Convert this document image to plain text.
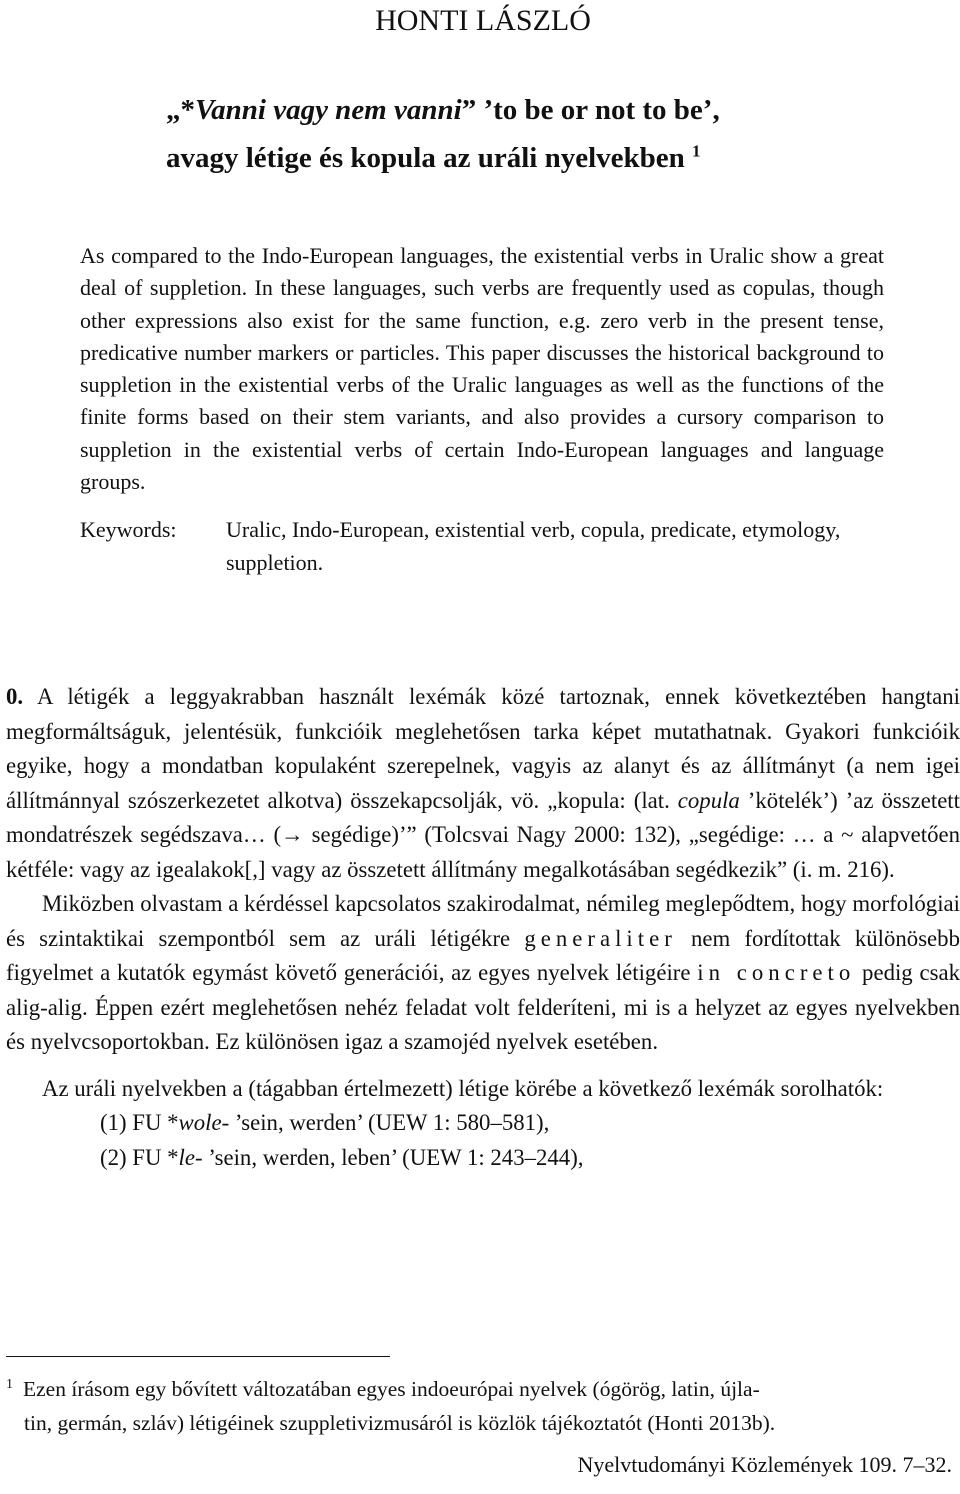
HONTI LÁSZLÓ
„*Vanni vagy nem vanni” ’to be or not to be’,
avagy létige és kopula az uráli nyelvekben $^1$
As compared to the Indo-European languages, the existential verbs in Uralic show a great deal of suppletion. In these languages, such verbs are frequently used as copulas, though other expressions also exist for the same function, e.g. zero verb in the present tense, predicative number markers or particles. This paper discusses the historical background to suppletion in the existential verbs of the Uralic languages as well as the functions of the finite forms based on their stem variants, and also provides a cursory comparison to suppletion in the existential verbs of certain Indo-European languages and language groups.
Keywords:	Uralic, Indo-European, existential verb, copula, predicate, etymology, suppletion.

0. A létigék a leggyakrabban használt lexémák közé tartoznak, ennek következtében hangtani megformáltságuk, jelentésük, funkcióik meglehetősen tarka képet mutathatnak. Gyakori funkcióik egyike, hogy a mondatban kopulaként szerepelnek, vagyis az alanyt és az állítmányt (a nem igei állítmánnyal szószerkezetet alkotva) összekapcsolják, vö. „kopula: (lat. copula ’kötelék’) ’az összetett mondatrészek segédszava… (→ segédige)’” (Tolcsvai Nagy 2000: 132), „segédige: … a ~ alapvetően kétféle: vagy az igealakok[,] vagy az összetett állítmány megalkotásában segédkezik” (i. m. 216).

Miközben olvastam a kérdéssel kapcsolatos szakirodalmat, némileg meglepődtem, hogy morfológiai és szintaktikai szempontból sem az uráli létigékre generaliter nem fordítottak különösebb figyelmet a kutatók egymást követő generációi, az egyes nyelvek létigéire in concreto pedig csak alig-alig. Éppen ezért meglehetősen nehéz feladat volt felderíteni, mi is a helyzet az egyes nyelvekben és nyelvcsoportokban. Ez különösen igaz a szamojéd nyelvek esetében.

Az uráli nyelvekben a (tágabban értelmezett) létige körébe a következő lexémák sorolhatók:

(1) FU *wole- ’sein, werden’ (UEW 1: 580–581),

(2) FU *le- ’sein, werden, leben’ (UEW 1: 243–244),

$^1$ Ezen írásom egy bővített változatában egyes indoeurópai nyelvek (ógörög, latin, újla-
tin, germán, szláv) létigéinek szuppletivizmusáról is közlök tájékoztatót (Honti 2013b).
Nyelvtudományi Közlemények 109. 7–32.
